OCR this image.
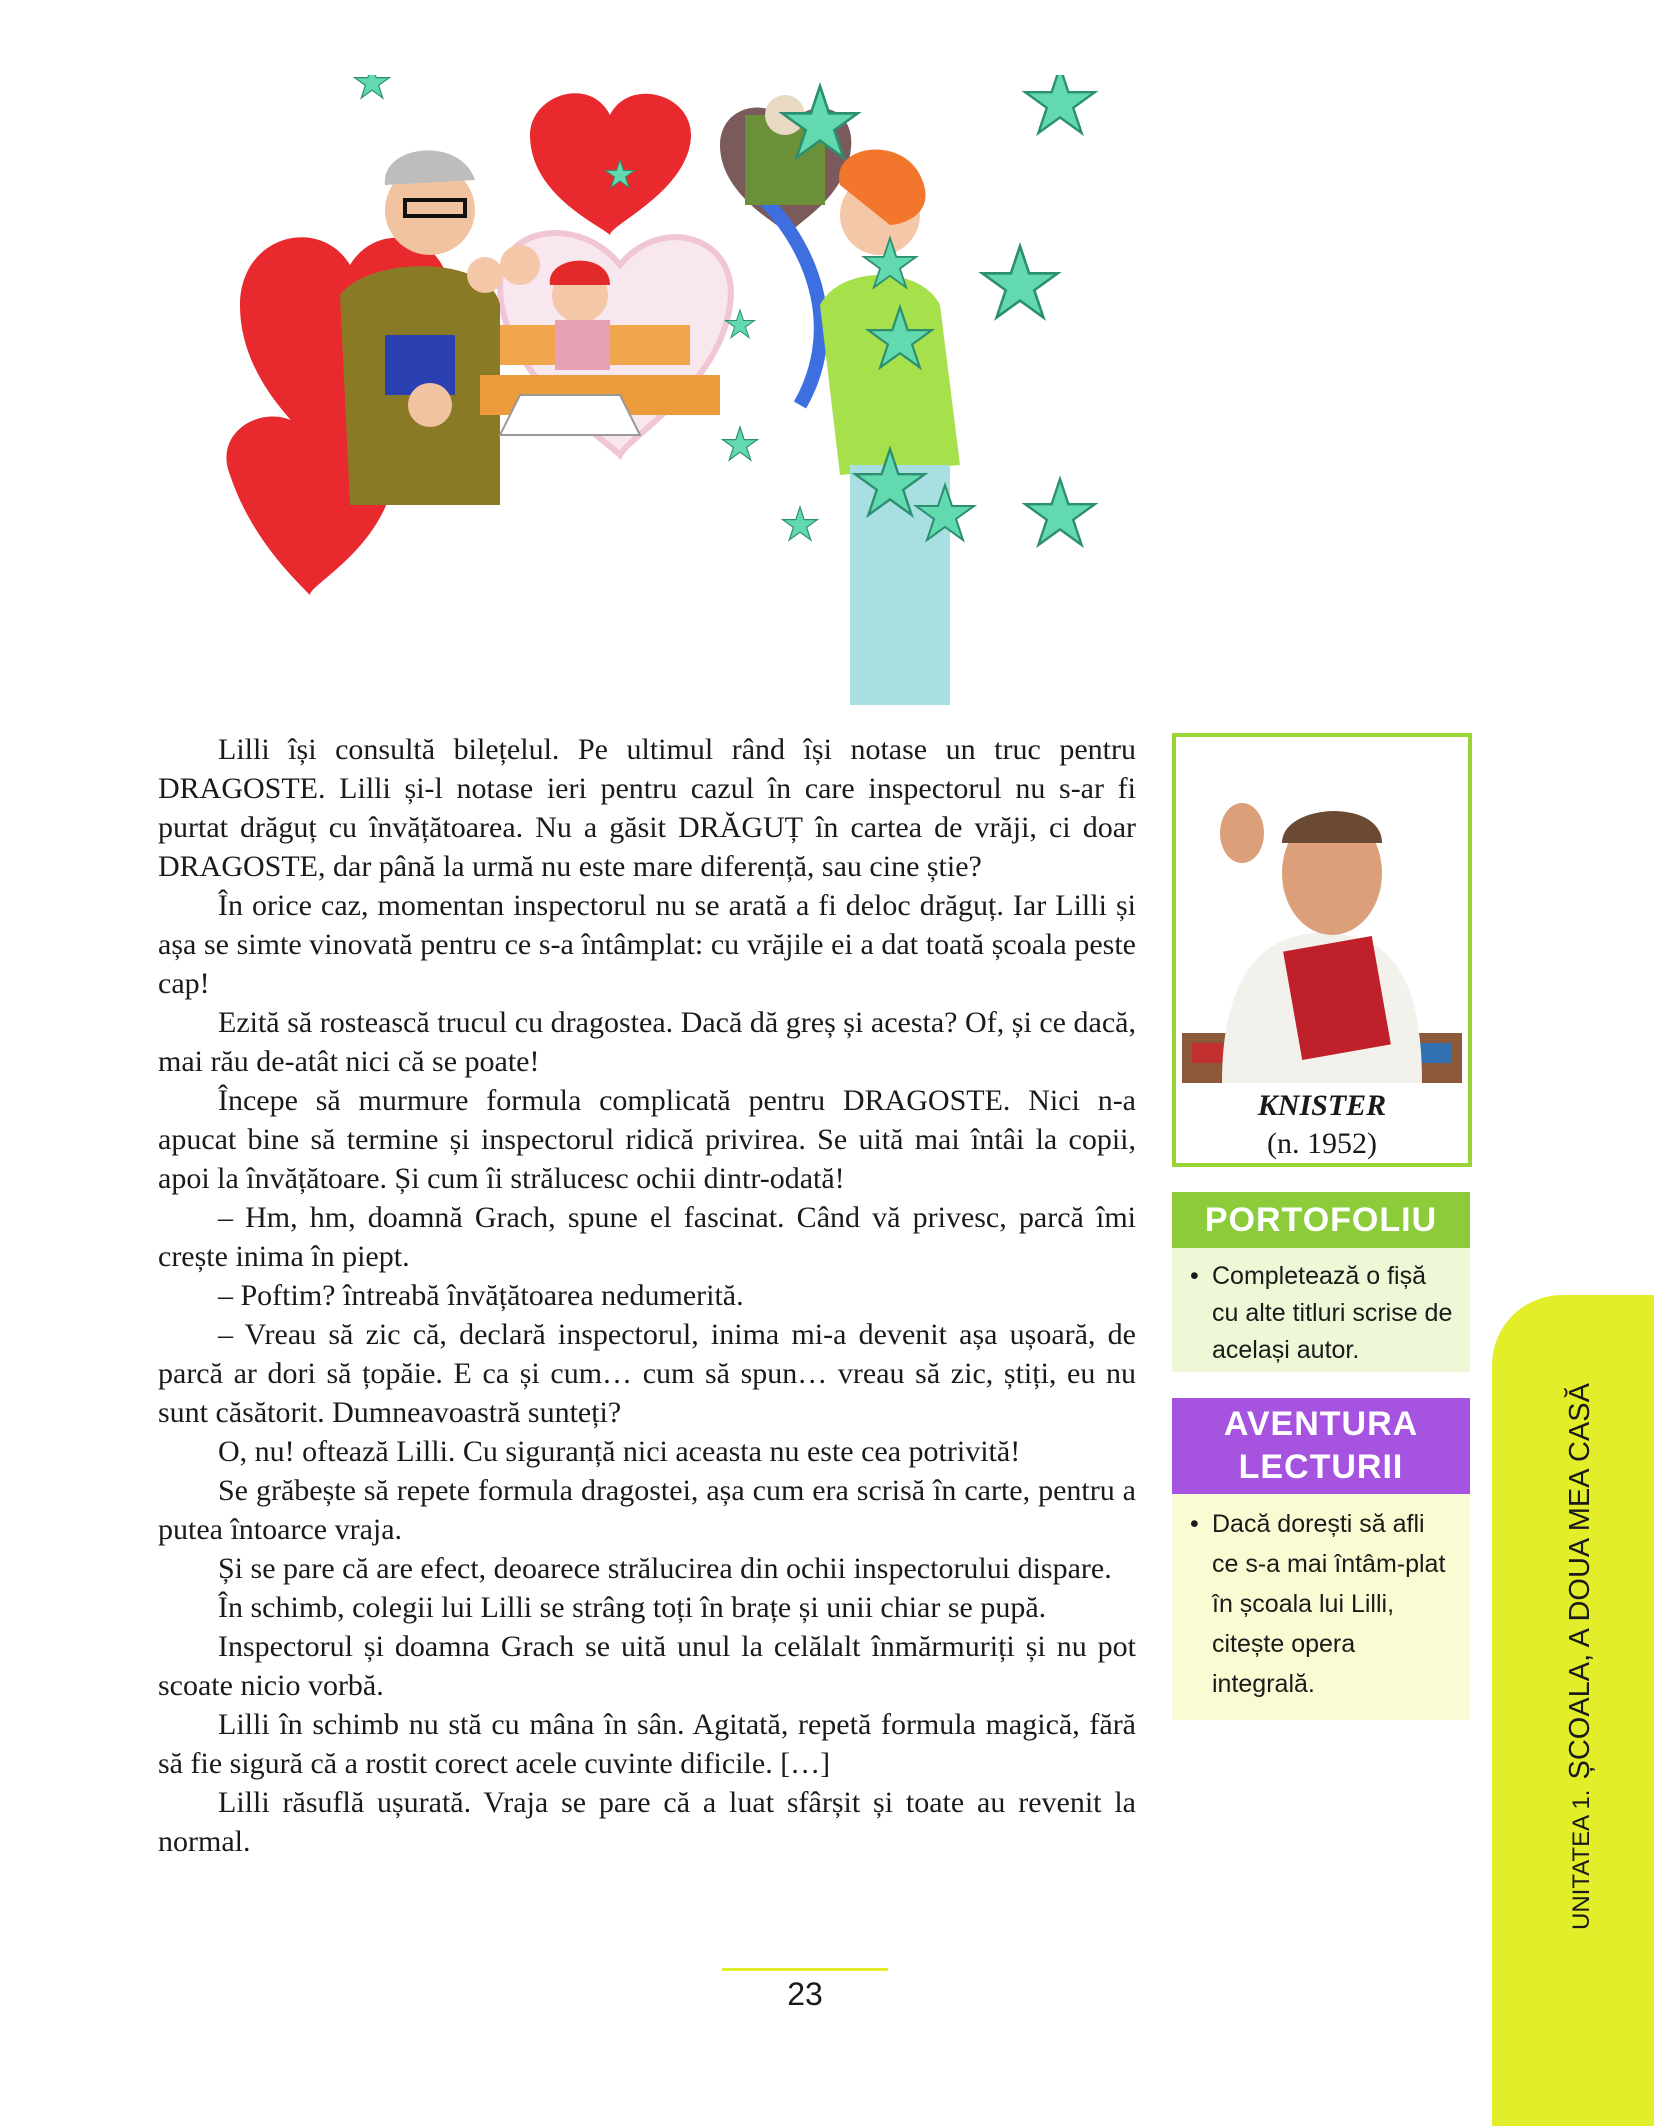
Lilli își consultă bilețelul. Pe ultimul rând își notase un truc pentru DRAGOSTE. Lilli și-l notase ieri pentru cazul în care inspectorul nu s-ar fi purtat drăguț cu învățătoarea. Nu a găsit DRĂGUȚ în cartea de vrăji, ci doar DRAGOSTE, dar până la urmă nu este mare diferență, sau cine știe?

În orice caz, momentan inspectorul nu se arată a fi deloc drăguț. Iar Lilli și așa se simte vinovată pentru ce s-a întâmplat: cu vrăjile ei a dat toată școala peste cap!

Ezită să rostească trucul cu dragostea. Dacă dă greș și acesta? Of, și ce dacă, mai rău de-atât nici că se poate!

Începe să murmure formula complicată pentru DRAGOSTE. Nici n-a apucat bine să termine și inspectorul ridică privirea. Se uită mai întâi la copii, apoi la învățătoare. Și cum îi strălucesc ochii dintr-odată!

– Hm, hm, doamnă Grach, spune el fascinat. Când vă privesc, parcă îmi crește inima în piept.

– Poftim? întreabă învățătoarea nedumerită.

– Vreau să zic că, declară inspectorul, inima mi-a devenit așa ușoară, de parcă ar dori să țopăie. E ca și cum… cum să spun… vreau să zic, știți, eu nu sunt căsătorit. Dumneavoastră sunteți?

O, nu! oftează Lilli. Cu siguranță nici aceasta nu este cea potrivită!

Se grăbește să repete formula dragostei, așa cum era scrisă în carte, pentru a putea întoarce vraja.

Și se pare că are efect, deoarece strălucirea din ochii inspectorului dispare.

În schimb, colegii lui Lilli se strâng toți în brațe și unii chiar se pupă.

Inspectorul și doamna Grach se uită unul la celălalt înmărmuriți și nu pot scoate nicio vorbă.

Lilli în schimb nu stă cu mâna în sân. Agitată, repetă formula magică, fără să fie sigură că a rostit corect acele cuvinte dificile. […]

Lilli răsuflă ușurată. Vraja se pare că a luat sfârșit și toate au revenit la normal.

KNISTER
(n. 1952)
PORTOFOLIU
• Completează o fișă cu alte titluri scrise de același autor.
AVENTURA
LECTURII
• Dacă dorești să afli ce s-a mai întâm-plat în școala lui Lilli, citește opera integrală.
UNITATEA 1.ȘCOALA, A DOUA MEA CASĂ
23
